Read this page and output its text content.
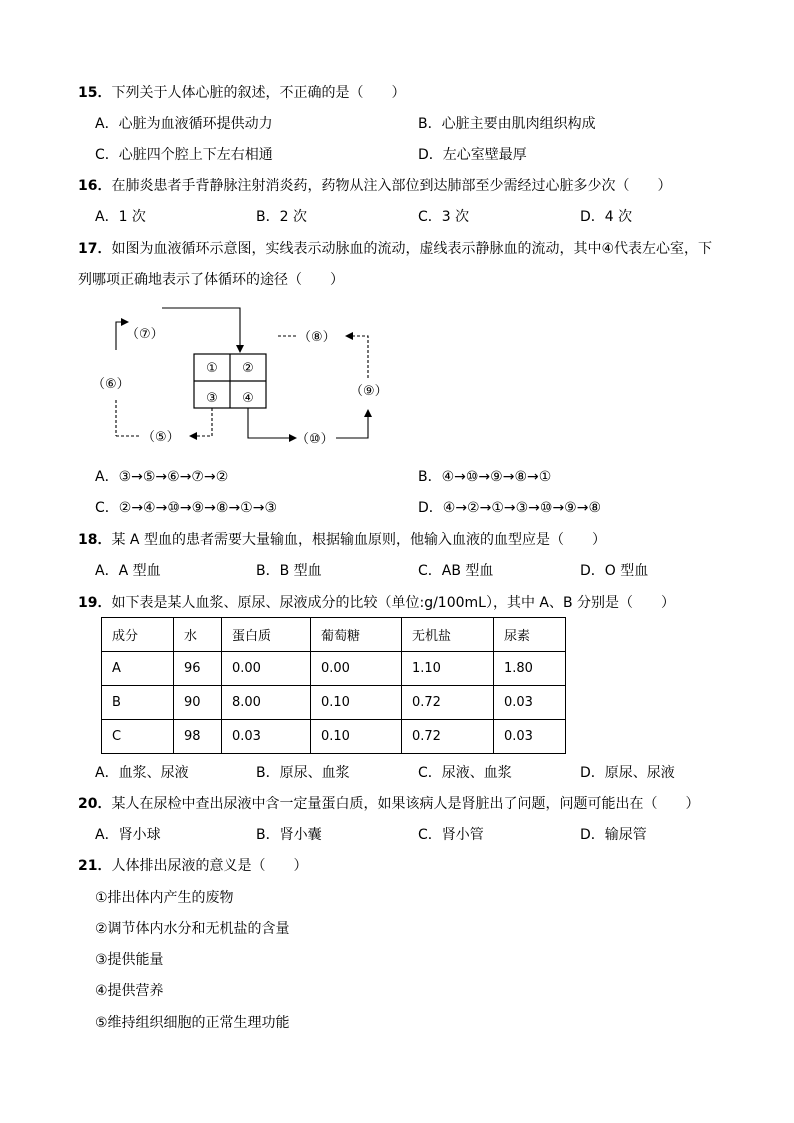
15．下列关于人体心脏的叙述，不正确的是（　　）
A．心脏为血液循环提供动力	B．心脏主要由肌肉组织构成
C．心脏四个腔上下左右相通	D．左心室壁最厚
16．在肺炎患者手背静脉注射消炎药，药物从注入部位到达肺部至少需经过心脏多少次（　　）
A．1 次	B．2 次	C．3 次	D．4 次
17．如图为血液循环示意图，实线表示动脉血的流动，虚线表示静脉血的流动，其中④代表左心室，下
列哪项正确地表示了体循环的途径（　　）
① ②
③ ④
（⑦）
（⑥）
（⑤）	（⑩）
（⑨）
（⑧）
A．③→⑤→⑥→⑦→②	B．④→⑩→⑨→⑧→①
C．②→④→⑩→⑨→⑧→①→③	D．④→②→①→③→⑩→⑨→⑧
18．某 A 型血的患者需要大量输血，根据输血原则，他输入血液的血型应是（　　）
A．A 型血	B．B 型血	C．AB 型血	D．O 型血
19．如下表是某人血浆、原尿、尿液成分的比较（单位:g/100mL），其中 A、B 分别是（　　）
成分	水	蛋白质	葡萄糖	无机盐	尿素
A	96	0.00	0.00	1.10	1.80
B	90	8.00	0.10	0.72	0.03
C	98	0.03	0.10	0.72	0.03
A．血浆、尿液	B．原尿、血浆	C．尿液、血浆	D．原尿、尿液
20．某人在尿检中查出尿液中含一定量蛋白质，如果该病人是肾脏出了问题，问题可能出在（　　）
A．肾小球	B．肾小囊	C．肾小管	D．输尿管
21．人体排出尿液的意义是（　　）
①排出体内产生的废物
②调节体内水分和无机盐的含量
③提供能量
④提供营养
⑤维持组织细胞的正常生理功能
